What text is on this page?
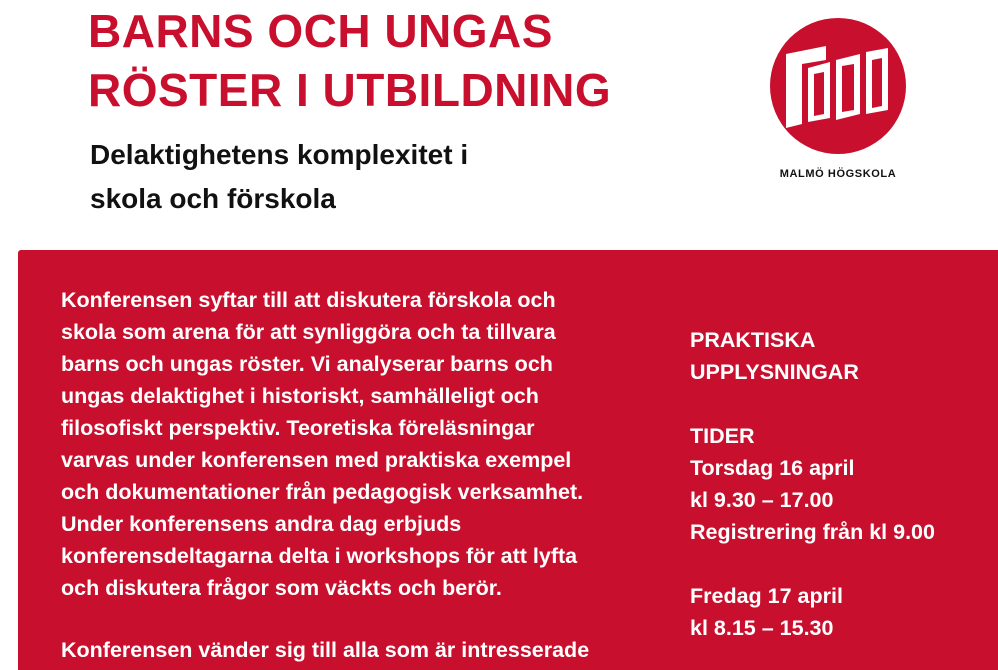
BARNS OCH UNGAS
RÖSTER I UTBILDNING
Delaktighetens komplexitet i
skola och förskola
MALMÖ HÖGSKOLA
Konferensen syftar till att diskutera förskola och
skola som arena för att synliggöra och ta tillvara
barns och ungas röster. Vi analyserar barns och
ungas delaktighet i historiskt, samhälleligt och
filosofiskt perspektiv. Teoretiska föreläsningar
varvas under konferensen med praktiska exempel
och dokumentationer från pedagogisk verksamhet.
Under konferensens andra dag erbjuds
konferensdeltagarna delta i workshops för att lyfta
och diskutera frågor som väckts och berör.
Konferensen vänder sig till alla som är intresserade
PRAKTISKA
UPPLYSNINGAR
TIDER
Torsdag 16 april
kl 9.30 – 17.00
Registrering från kl 9.00
Fredag 17 april
kl 8.15 – 15.30
